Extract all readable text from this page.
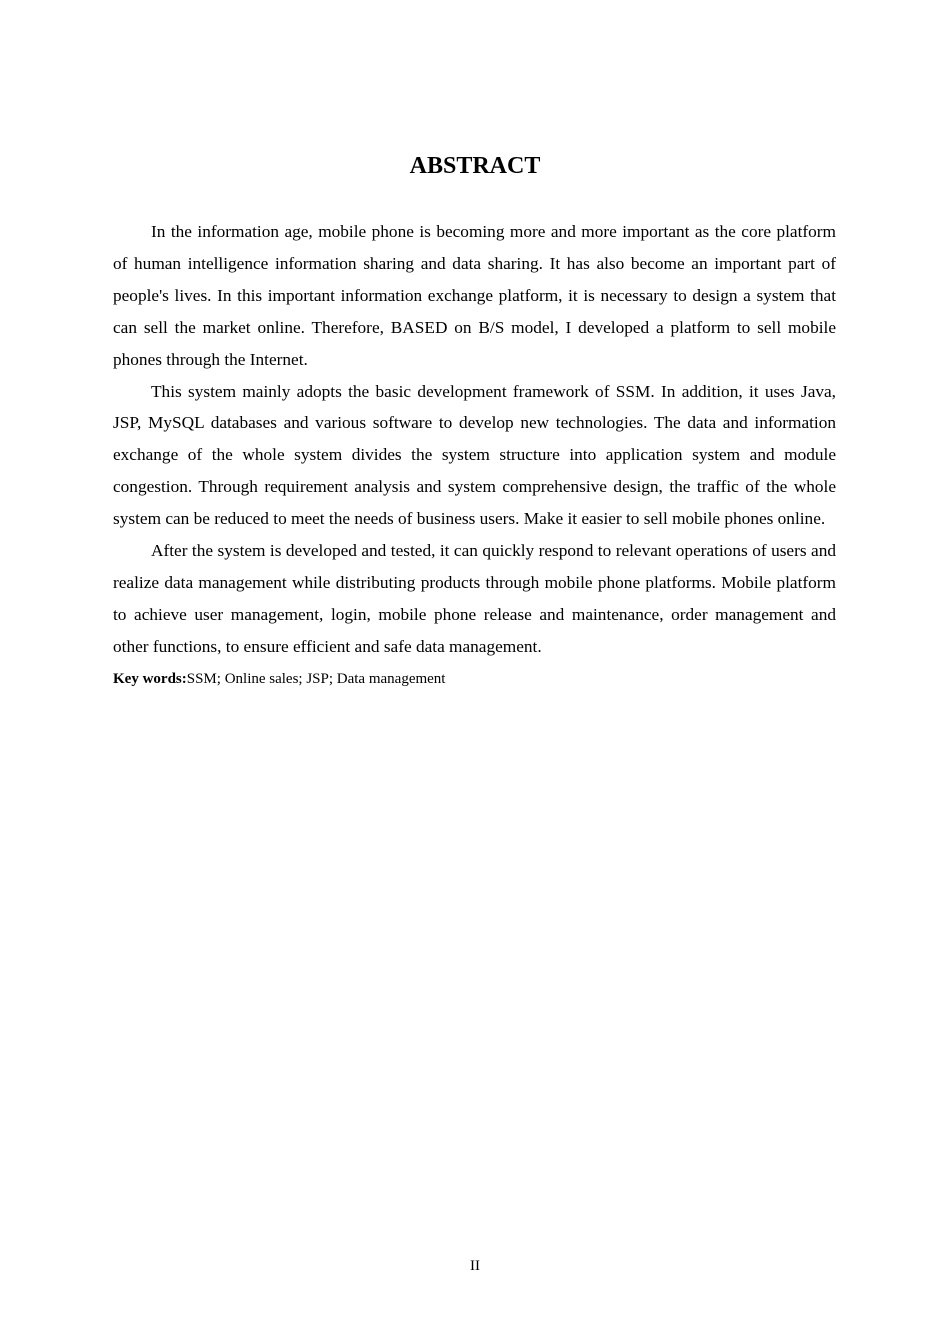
ABSTRACT

In the information age, mobile phone is becoming more and more important as the core platform of human intelligence information sharing and data sharing. It has also become an important part of people's lives. In this important information exchange platform, it is necessary to design a system that can sell the market online. Therefore, BASED on B/S model, I developed a platform to sell mobile phones through the Internet.

This system mainly adopts the basic development framework of SSM. In addition, it uses Java, JSP, MySQL databases and various software to develop new technologies. The data and information exchange of the whole system divides the system structure into application system and module congestion. Through requirement analysis and system comprehensive design, the traffic of the whole system can be reduced to meet the needs of business users. Make it easier to sell mobile phones online.

After the system is developed and tested, it can quickly respond to relevant operations of users and realize data management while distributing products through mobile phone platforms. Mobile platform to achieve user management, login, mobile phone release and maintenance, order management and other functions, to ensure efficient and safe data management.

Key words:SSM; Online sales; JSP; Data management

II
